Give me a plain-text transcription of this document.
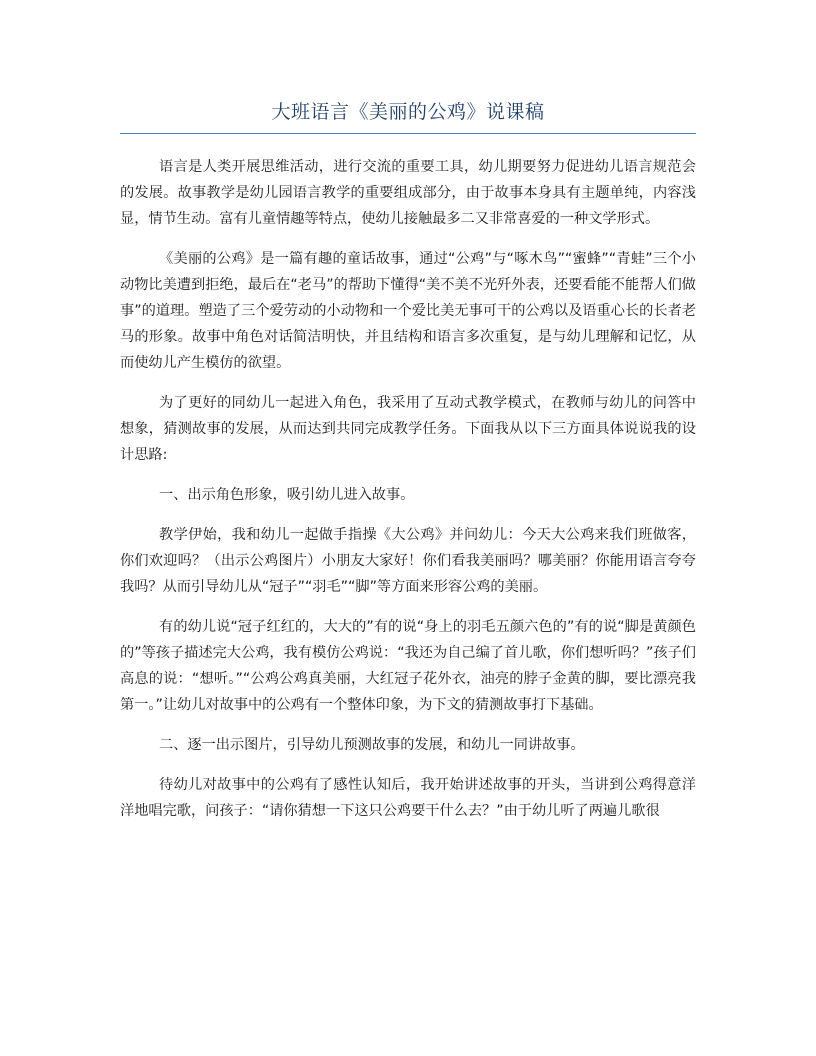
大班语言《美丽的公鸡》说课稿

语言是人类开展思维活动，进行交流的重要工具，幼儿期要努力促进幼儿语言规范会的发展。故事教学是幼儿园语言教学的重要组成部分，由于故事本身具有主题单纯，内容浅显，情节生动。富有儿童情趣等特点，使幼儿接触最多二又非常喜爱的一种文学形式。

《美丽的公鸡》是一篇有趣的童话故事，通过“公鸡”与“啄木鸟”“蜜蜂”“青蛙”三个小动物比美遭到拒绝，最后在“老马”的帮助下懂得“美不美不光歼外表，还要看能不能帮人们做事”的道理。塑造了三个爱劳动的小动物和一个爱比美无事可干的公鸡以及语重心长的长者老马的形象。故事中角色对话简洁明快，并且结构和语言多次重复，是与幼儿理解和记忆，从而使幼儿产生模仿的欲望。

为了更好的同幼儿一起进入角色，我采用了互动式教学模式，在教师与幼儿的问答中想象，猜测故事的发展，从而达到共同完成教学任务。下面我从以下三方面具体说说我的设计思路:

一、出示角色形象，吸引幼儿进入故事。

教学伊始，我和幼儿一起做手指操《大公鸡》并问幼儿：今天大公鸡来我们班做客，你们欢迎吗？（出示公鸡图片）小朋友大家好！你们看我美丽吗？哪美丽？你能用语言夸夸我吗？从而引导幼儿从“冠子”“羽毛”“脚”等方面来形容公鸡的美丽。

有的幼儿说“冠子红红的，大大的”有的说“身上的羽毛五颜六色的”有的说“脚是黄颜色的”等孩子描述完大公鸡，我有模仿公鸡说：“我还为自己编了首儿歌，你们想听吗？”孩子们高息的说：“想听。”“公鸡公鸡真美丽，大红冠子花外衣，油亮的脖子金黄的脚，要比漂亮我第一。”让幼儿对故事中的公鸡有一个整体印象，为下文的猜测故事打下基础。

二、逐一出示图片，引导幼儿预测故事的发展，和幼儿一同讲故事。

待幼儿对故事中的公鸡有了感性认知后，我开始讲述故事的开头，当讲到公鸡得意洋洋地唱完歌，问孩子：“请你猜想一下这只公鸡要干什么去？”由于幼儿听了两遍儿歌很
